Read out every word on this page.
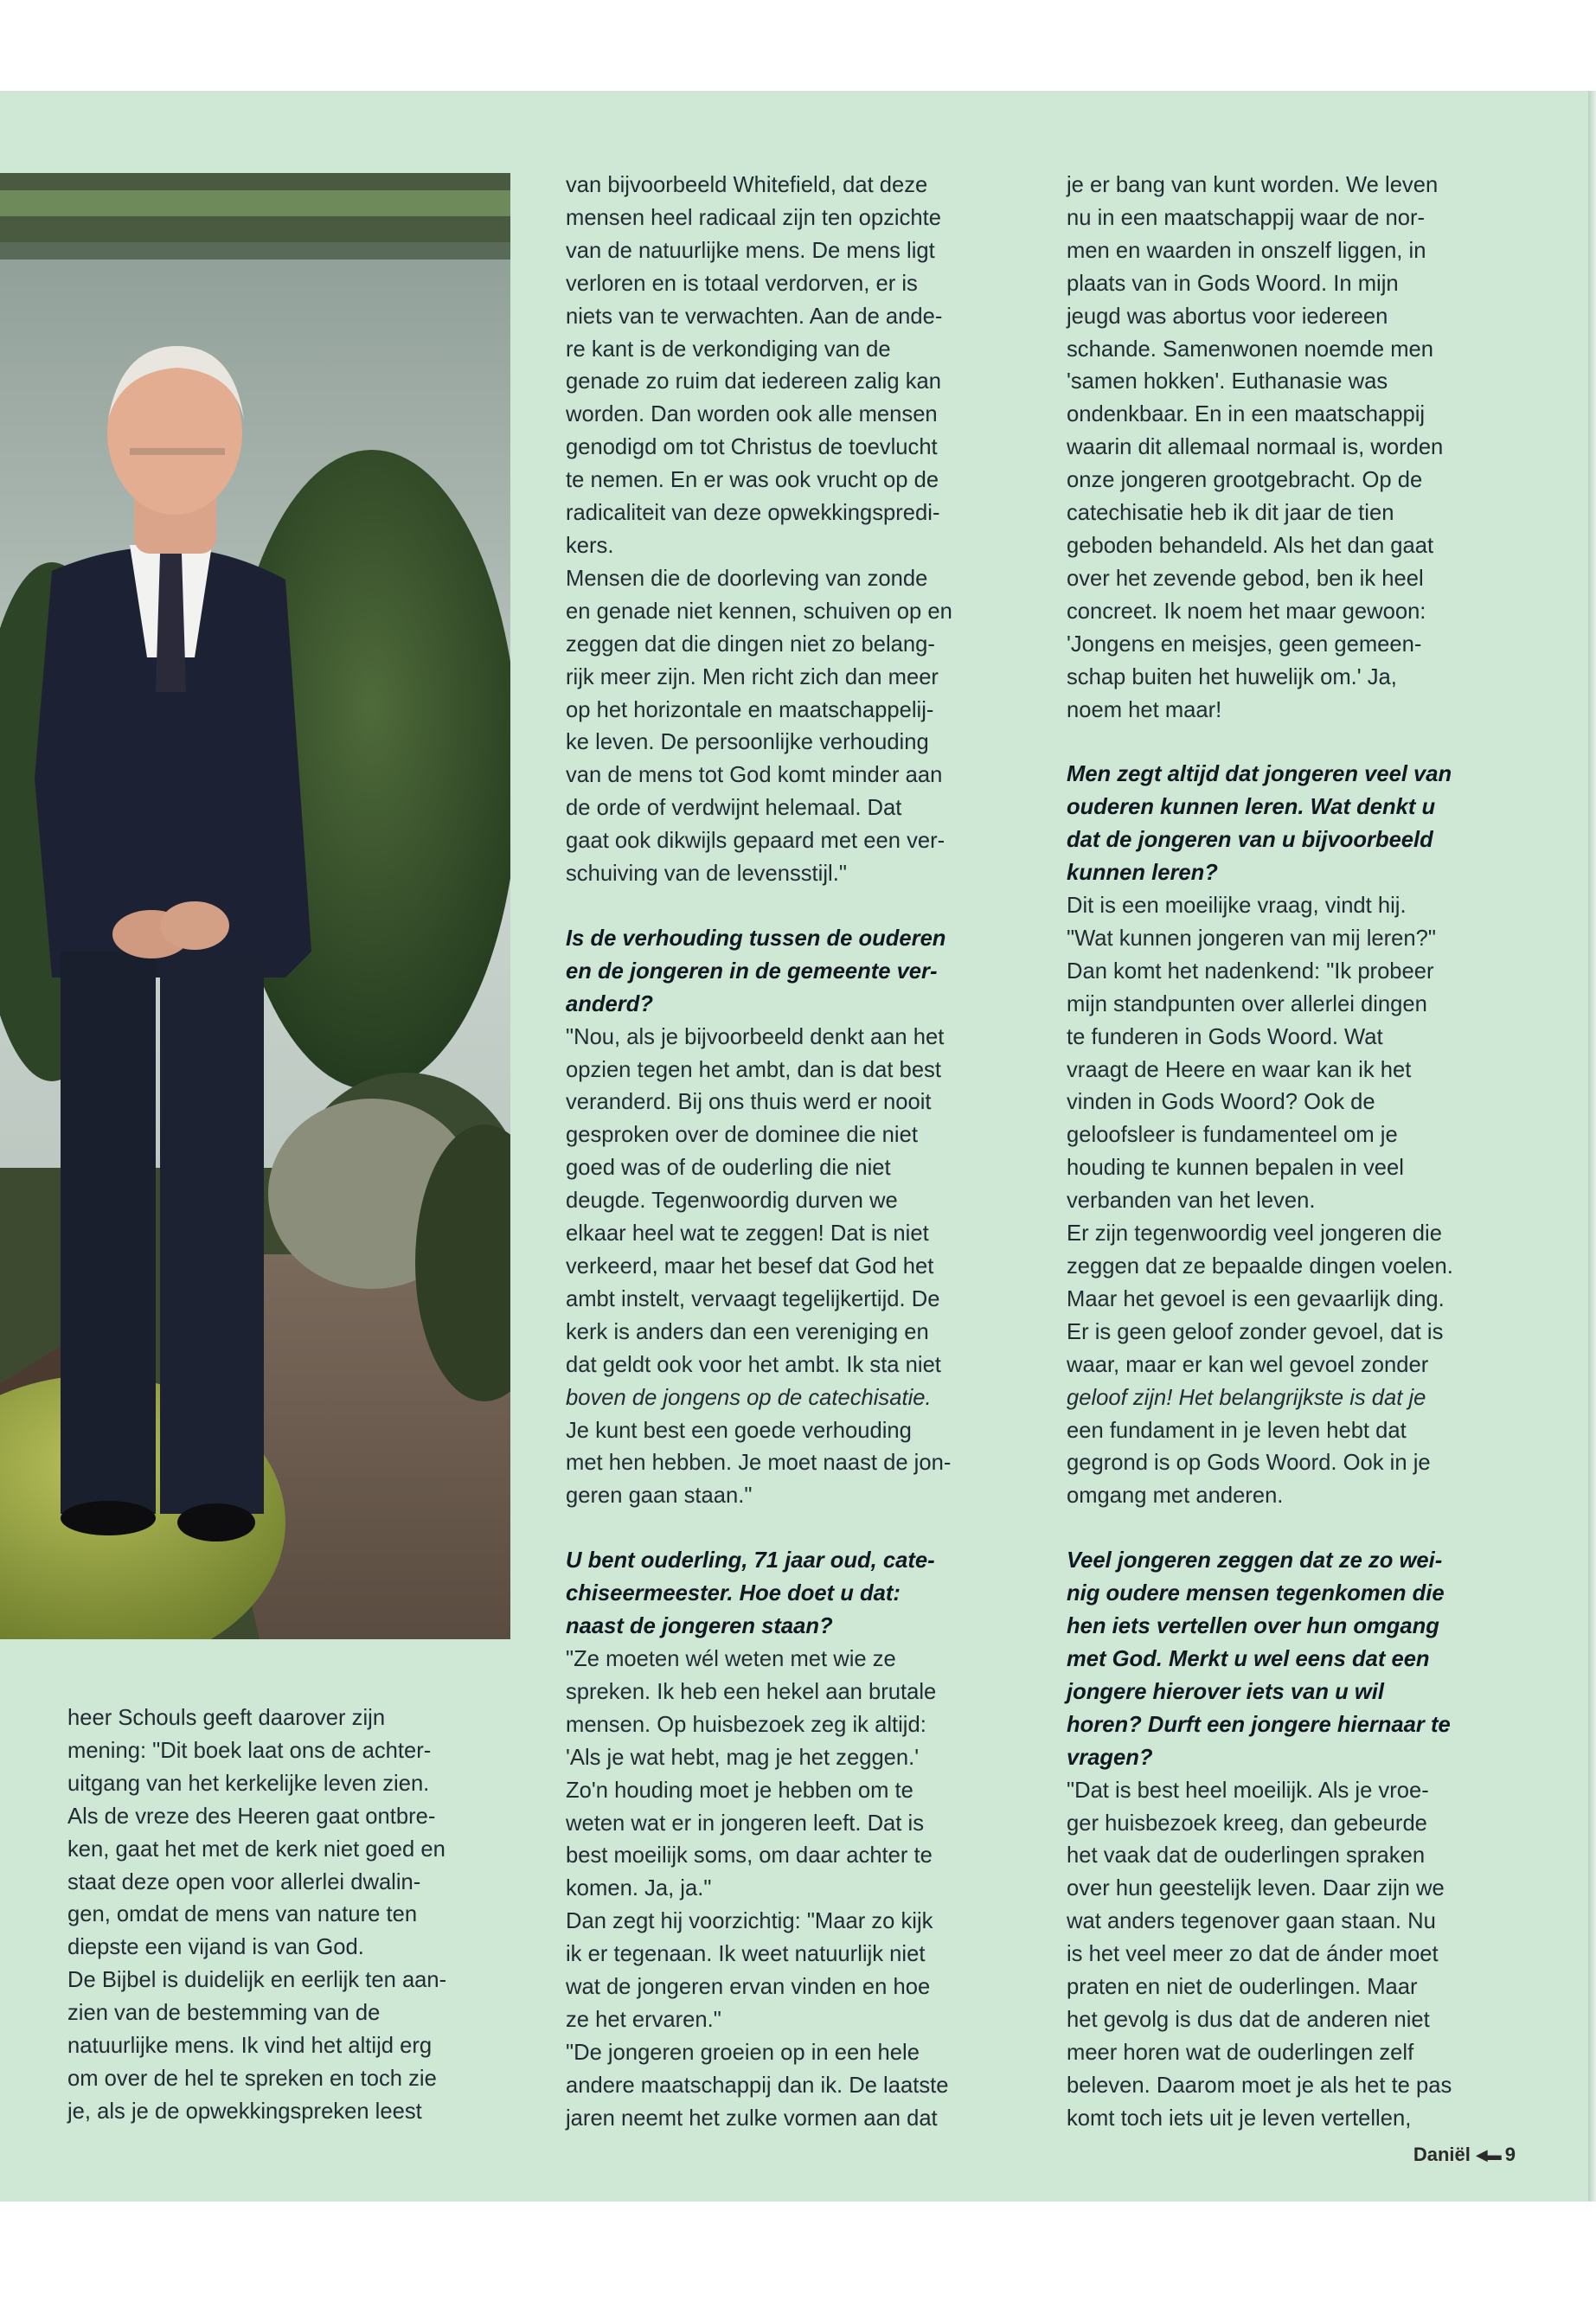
heer Schouls geeft daarover zijn
mening: "Dit boek laat ons de achter-
uitgang van het kerkelijke leven zien.
Als de vreze des Heeren gaat ontbre-
ken, gaat het met de kerk niet goed en
staat deze open voor allerlei dwalin-
gen, omdat de mens van nature ten
diepste een vijand is van God.

De Bijbel is duidelijk en eerlijk ten aan-
zien van de bestemming van de
natuurlijke mens. Ik vind het altijd erg
om over de hel te spreken en toch zie
je, als je de opwekkingspreken leest

van bijvoorbeeld Whitefield, dat deze
mensen heel radicaal zijn ten opzichte
van de natuurlijke mens. De mens ligt
verloren en is totaal verdorven, er is
niets van te verwachten. Aan de ande-
re kant is de verkondiging van de
genade zo ruim dat iedereen zalig kan
worden. Dan worden ook alle mensen
genodigd om tot Christus de toevlucht
te nemen. En er was ook vrucht op de
radicaliteit van deze opwekkingspredi-
kers.

Mensen die de doorleving van zonde
en genade niet kennen, schuiven op en
zeggen dat die dingen niet zo belang-
rijk meer zijn. Men richt zich dan meer
op het horizontale en maatschappelij-
ke leven. De persoonlijke verhouding
van de mens tot God komt minder aan
de orde of verdwijnt helemaal. Dat
gaat ook dikwijls gepaard met een ver-
schuiving van de levensstijl."

Is de verhouding tussen de ouderen
en de jongeren in de gemeente ver-
anderd?

"Nou, als je bijvoorbeeld denkt aan het
opzien tegen het ambt, dan is dat best
veranderd. Bij ons thuis werd er nooit
gesproken over de dominee die niet
goed was of de ouderling die niet
deugde. Tegenwoordig durven we
elkaar heel wat te zeggen! Dat is niet
verkeerd, maar het besef dat God het
ambt instelt, vervaagt tegelijkertijd. De
kerk is anders dan een vereniging en
dat geldt ook voor het ambt. Ik sta niet
boven de jongens op de catechisatie.
Je kunt best een goede verhouding
met hen hebben. Je moet naast de jon-
geren gaan staan."

U bent ouderling, 71 jaar oud, cate-
chiseermeester. Hoe doet u dat:
naast de jongeren staan?

"Ze moeten wél weten met wie ze
spreken. Ik heb een hekel aan brutale
mensen. Op huisbezoek zeg ik altijd:
'Als je wat hebt, mag je het zeggen.'
Zo'n houding moet je hebben om te
weten wat er in jongeren leeft. Dat is
best moeilijk soms, om daar achter te
komen. Ja, ja."

Dan zegt hij voorzichtig: "Maar zo kijk
ik er tegenaan. Ik weet natuurlijk niet
wat de jongeren ervan vinden en hoe
ze het ervaren."

"De jongeren groeien op in een hele
andere maatschappij dan ik. De laatste
jaren neemt het zulke vormen aan dat

je er bang van kunt worden. We leven
nu in een maatschappij waar de nor-
men en waarden in onszelf liggen, in
plaats van in Gods Woord. In mijn
jeugd was abortus voor iedereen
schande. Samenwonen noemde men
'samen hokken'. Euthanasie was
ondenkbaar. En in een maatschappij
waarin dit allemaal normaal is, worden
onze jongeren grootgebracht. Op de
catechisatie heb ik dit jaar de tien
geboden behandeld. Als het dan gaat
over het zevende gebod, ben ik heel
concreet. Ik noem het maar gewoon:
'Jongens en meisjes, geen gemeen-
schap buiten het huwelijk om.' Ja,
noem het maar!

Men zegt altijd dat jongeren veel van
ouderen kunnen leren. Wat denkt u
dat de jongeren van u bijvoorbeeld
kunnen leren?

Dit is een moeilijke vraag, vindt hij.
"Wat kunnen jongeren van mij leren?"
Dan komt het nadenkend: "Ik probeer
mijn standpunten over allerlei dingen
te funderen in Gods Woord. Wat
vraagt de Heere en waar kan ik het
vinden in Gods Woord? Ook de
geloofsleer is fundamenteel om je
houding te kunnen bepalen in veel
verbanden van het leven.

Er zijn tegenwoordig veel jongeren die
zeggen dat ze bepaalde dingen voelen.
Maar het gevoel is een gevaarlijk ding.
Er is geen geloof zonder gevoel, dat is
waar, maar er kan wel gevoel zonder
geloof zijn! Het belangrijkste is dat je
een fundament in je leven hebt dat
gegrond is op Gods Woord. Ook in je
omgang met anderen.

Veel jongeren zeggen dat ze zo wei-
nig oudere mensen tegenkomen die
hen iets vertellen over hun omgang
met God. Merkt u wel eens dat een
jongere hierover iets van u wil
horen? Durft een jongere hiernaar te
vragen?

"Dat is best heel moeilijk. Als je vroe-
ger huisbezoek kreeg, dan gebeurde
het vaak dat de ouderlingen spraken
over hun geestelijk leven. Daar zijn we
wat anders tegenover gaan staan. Nu
is het veel meer zo dat de ánder moet
praten en niet de ouderlingen. Maar
het gevolg is dus dat de anderen niet
meer horen wat de ouderlingen zelf
beleven. Daarom moet je als het te pas
komt toch iets uit je leven vertellen,

Daniël ◀▬ 9
